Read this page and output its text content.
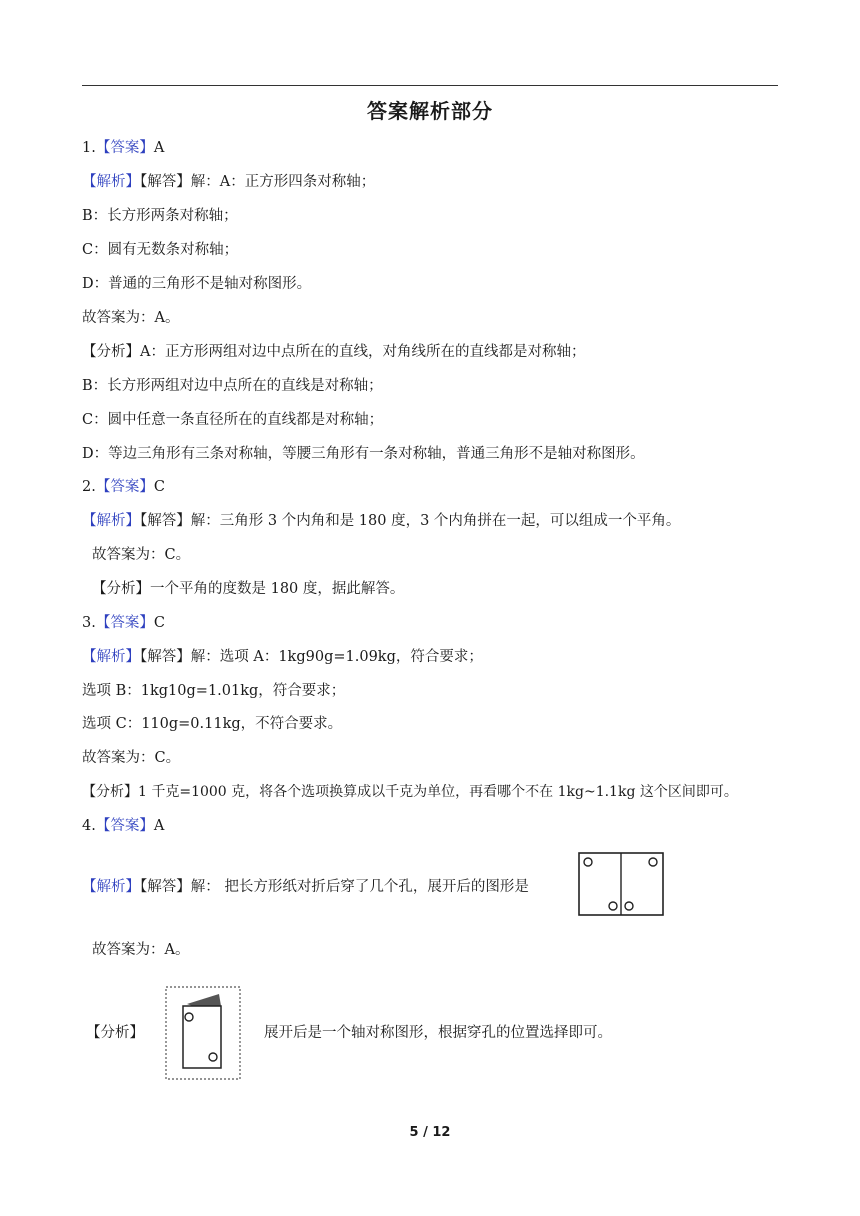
答案解析部分
1.【答案】A
【解析】【解答】解：A：正方形四条对称轴；
B：长方形两条对称轴；
C：圆有无数条对称轴；
D：普通的三角形不是轴对称图形。
故答案为：A。
【分析】A：正方形两组对边中点所在的直线，对角线所在的直线都是对称轴；
B：长方形两组对边中点所在的直线是对称轴；
C：圆中任意一条直径所在的直线都是对称轴；
D：等边三角形有三条对称轴，等腰三角形有一条对称轴，普通三角形不是轴对称图形。
2.【答案】C
【解析】【解答】解：三角形 3 个内角和是 180 度，3 个内角拼在一起，可以组成一个平角。
故答案为：C。
【分析】一个平角的度数是 180 度，据此解答。
3.【答案】C
【解析】【解答】解：选项 A：1kg90g=1.09kg，符合要求；
选项 B：1kg10g=1.01kg，符合要求；
选项 C：110g=0.11kg，不符合要求。
故答案为：C。
【分析】1 千克=1000 克，将各个选项换算成以千克为单位，再看哪个不在 1kg~1.1kg 这个区间即可。
4.【答案】A
【解析】【解答】解： 把长方形纸对折后穿了几个孔，展开后的图形是
故答案为：A。
【分析】	展开后是一个轴对称图形，根据穿孔的位置选择即可。
5 / 12
